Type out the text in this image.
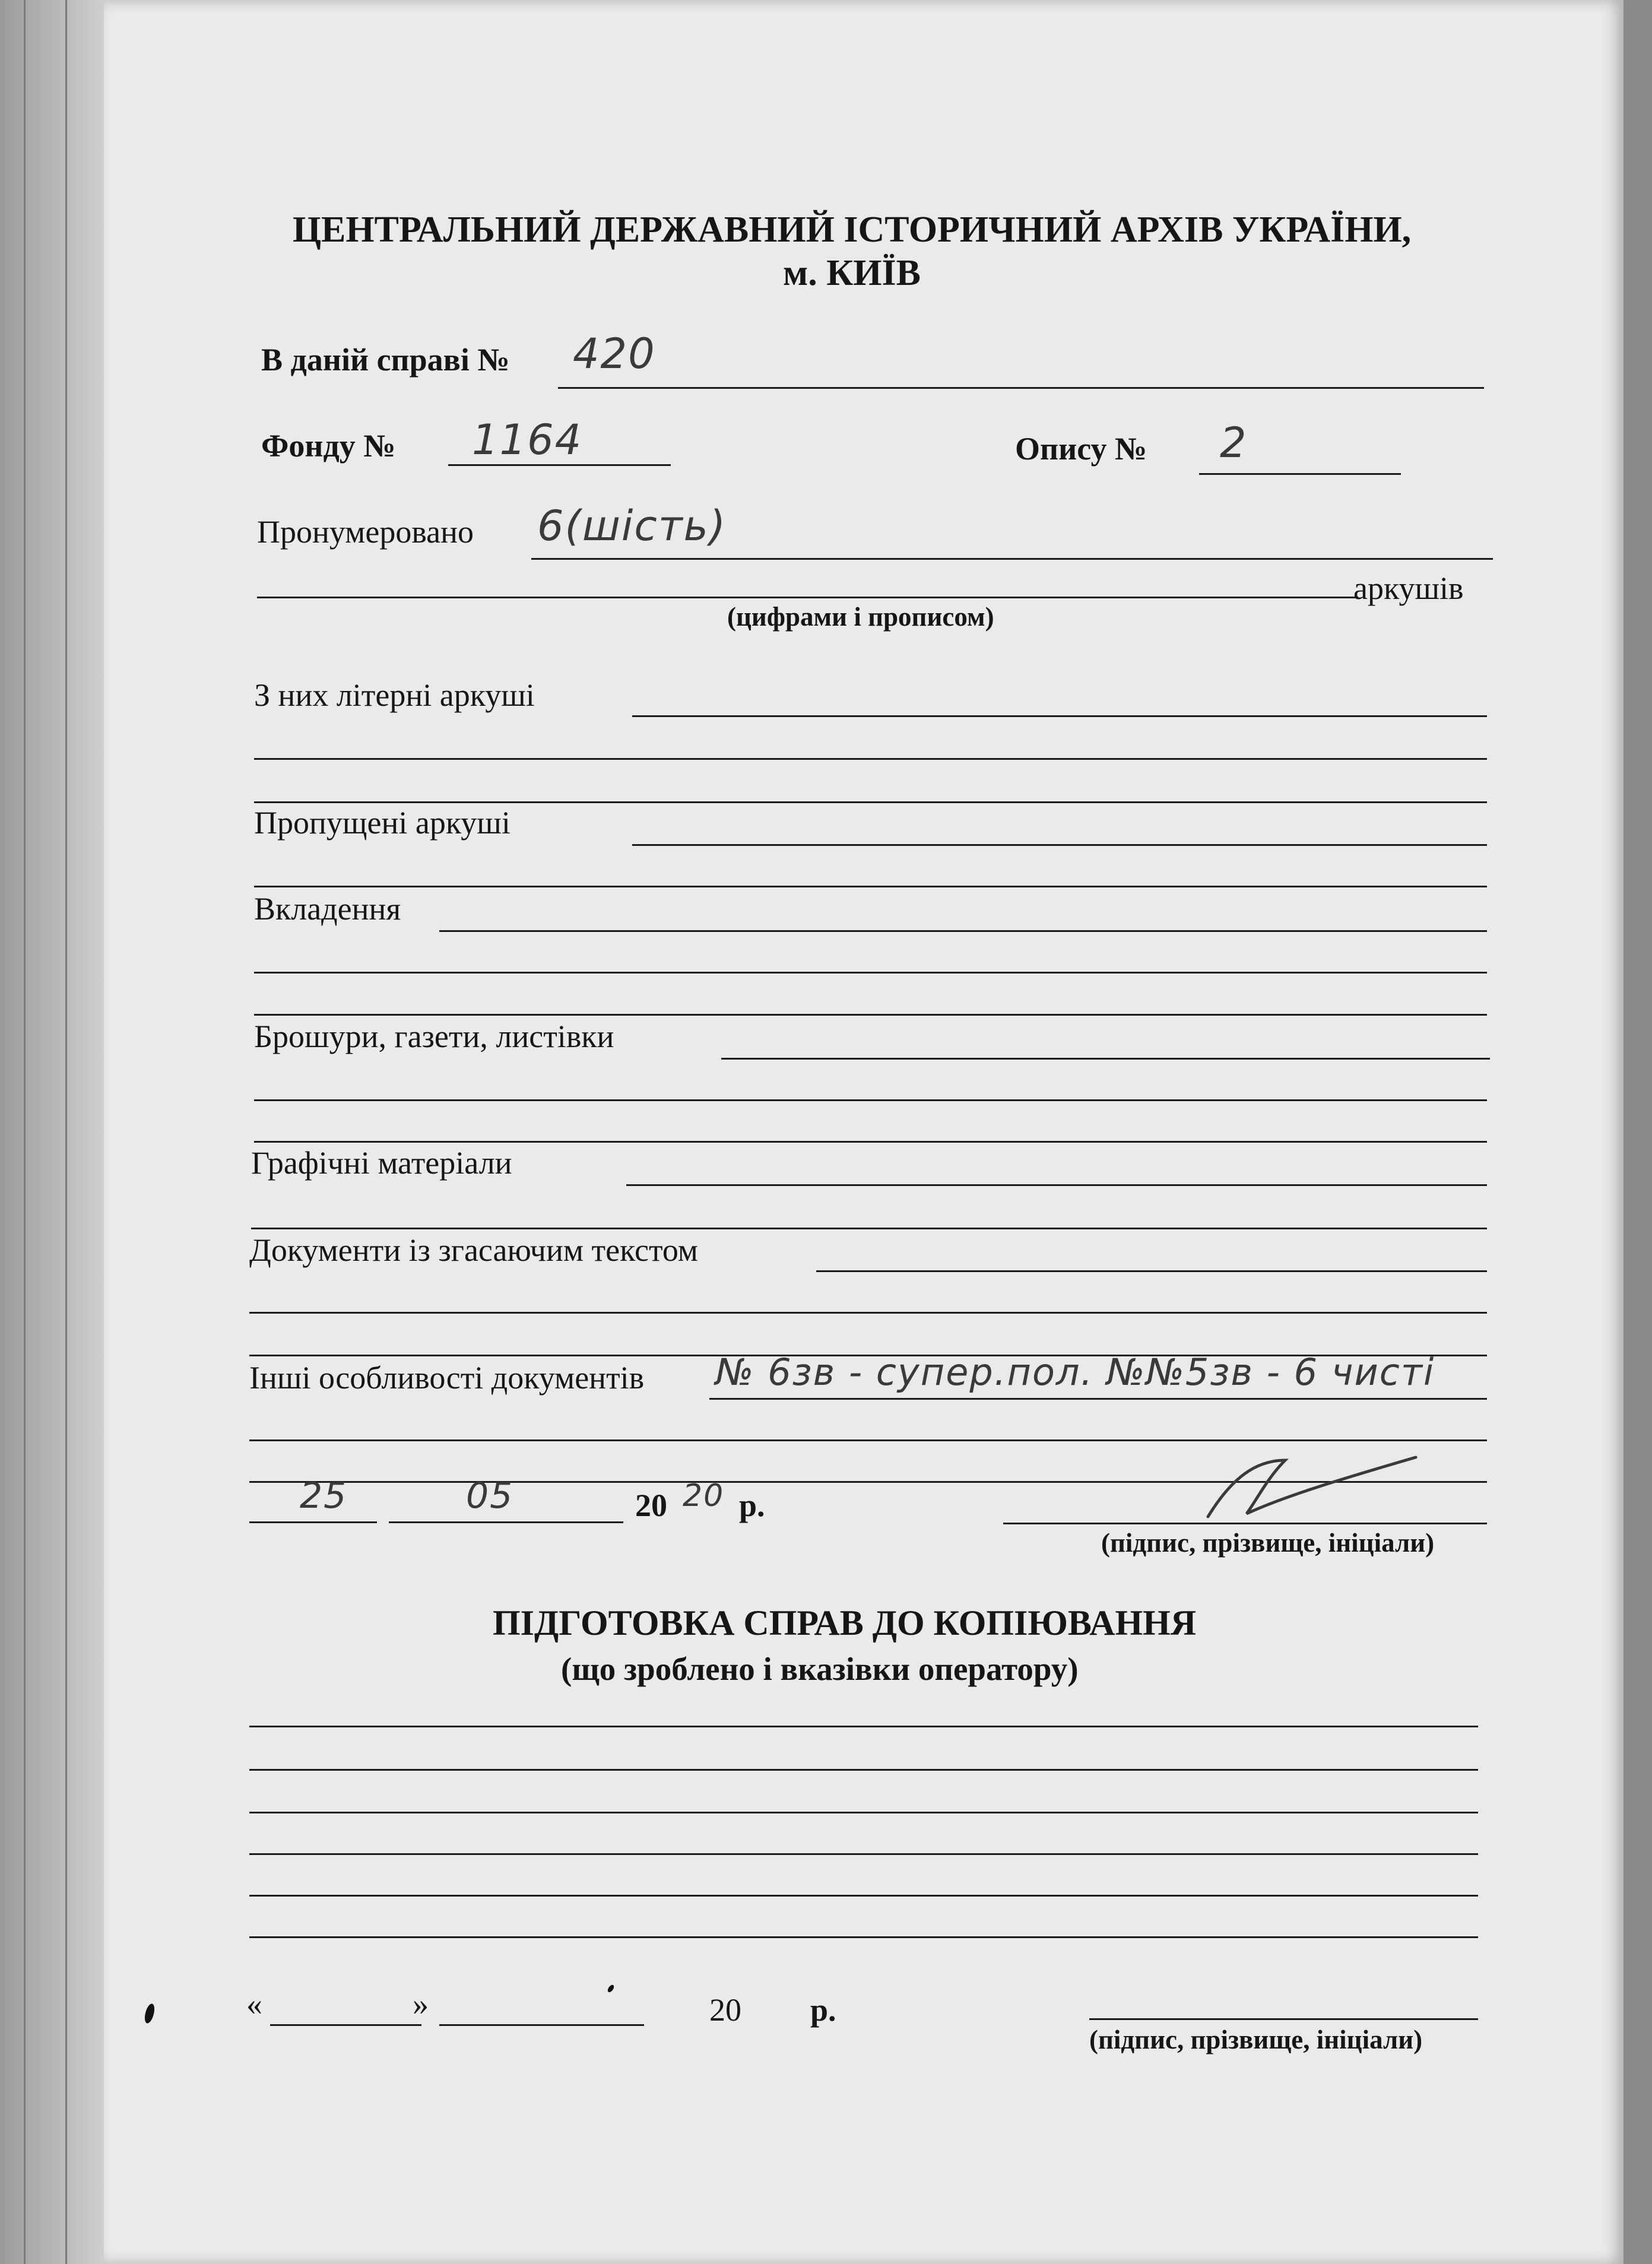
ЦЕНТРАЛЬНИЙ ДЕРЖАВНИЙ ІСТОРИЧНИЙ АРХІВ УКРАЇНИ,
м. КИЇВ
В даній справі № 420
Фонду № 1164	Опису № 2
Пронумеровано 6(шість)
аркушів
(цифрами і прописом)
З них літерні аркуші
Пропущені аркуші
Вкладення
Брошури, газети, листівки
Графічні матеріали
Документи із згасаючим текстом
Інші особливості документів № 6зв - супер.пол. №№5зв - 6 чисті
25	05	20 20 р.
(підпис, прізвище, ініціали)
ПІДГОТОВКА СПРАВ ДО КОПІЮВАННЯ
(що зроблено і вказівки оператору)
«	»	20 р.
(підпис, прізвище, ініціали)
